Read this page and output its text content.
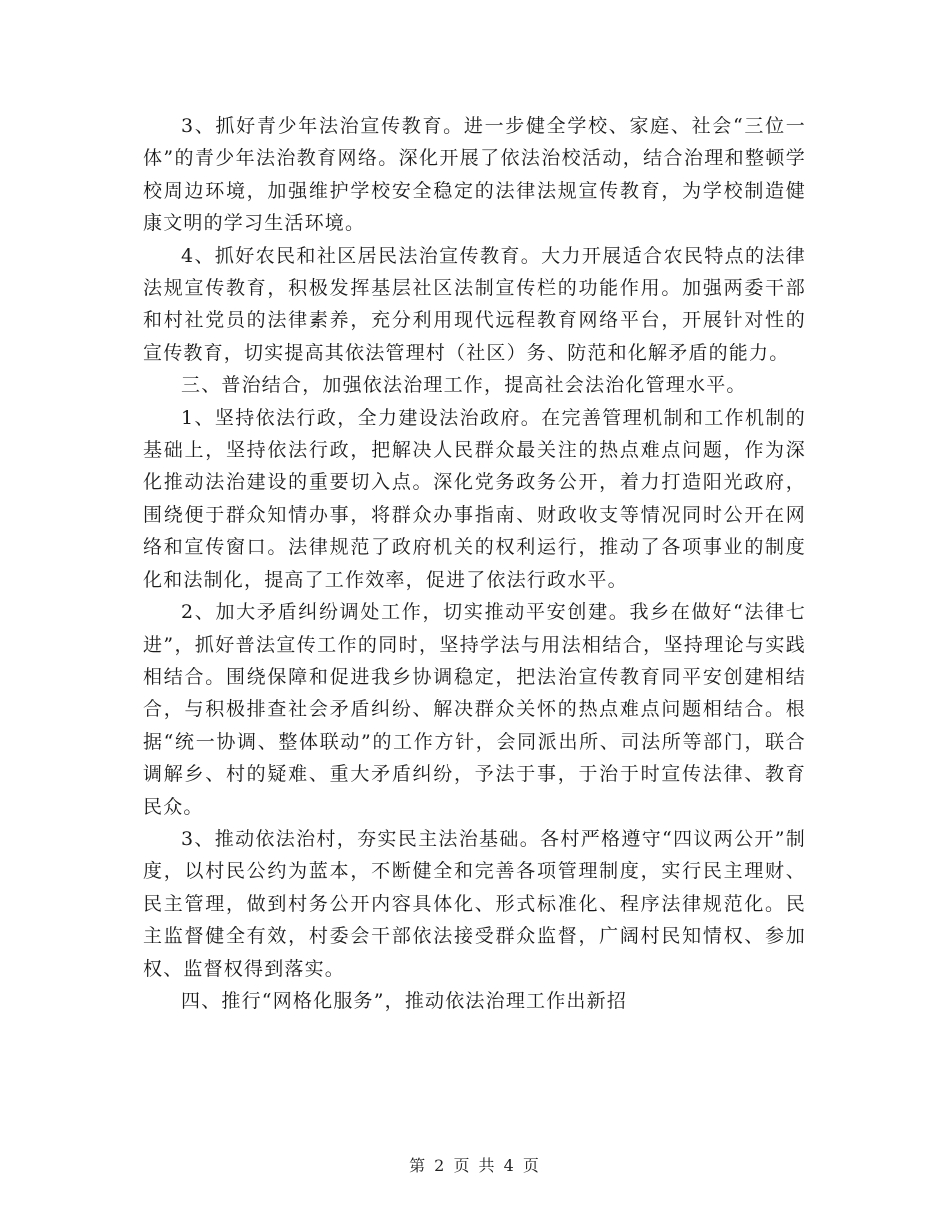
3、抓好青少年法治宣传教育。进一步健全学校、家庭、社会“三位一体”的青少年法治教育网络。深化开展了依法治校活动，结合治理和整顿学校周边环境，加强维护学校安全稳定的法律法规宣传教育，为学校制造健康文明的学习生活环境。

4、抓好农民和社区居民法治宣传教育。大力开展适合农民特点的法律法规宣传教育，积极发挥基层社区法制宣传栏的功能作用。加强两委干部和村社党员的法律素养，充分利用现代远程教育网络平台，开展针对性的宣传教育，切实提高其依法管理村（社区）务、防范和化解矛盾的能力。

三、普治结合，加强依法治理工作，提高社会法治化管理水平。

1、坚持依法行政，全力建设法治政府。在完善管理机制和工作机制的基础上，坚持依法行政，把解决人民群众最关注的热点难点问题，作为深化推动法治建设的重要切入点。深化党务政务公开，着力打造阳光政府，围绕便于群众知情办事，将群众办事指南、财政收支等情况同时公开在网络和宣传窗口。法律规范了政府机关的权利运行，推动了各项事业的制度化和法制化，提高了工作效率，促进了依法行政水平。

2、加大矛盾纠纷调处工作，切实推动平安创建。我乡在做好“法律七进”，抓好普法宣传工作的同时，坚持学法与用法相结合，坚持理论与实践相结合。围绕保障和促进我乡协调稳定，把法治宣传教育同平安创建相结合，与积极排查社会矛盾纠纷、解决群众关怀的热点难点问题相结合。根据“统一协调、整体联动”的工作方针，会同派出所、司法所等部门，联合调解乡、村的疑难、重大矛盾纠纷，予法于事，于治于时宣传法律、教育民众。

3、推动依法治村，夯实民主法治基础。各村严格遵守“四议两公开”制度，以村民公约为蓝本，不断健全和完善各项管理制度，实行民主理财、民主管理，做到村务公开内容具体化、形式标准化、程序法律规范化。民主监督健全有效，村委会干部依法接受群众监督，广阔村民知情权、参加权、监督权得到落实。

四、推行“网格化服务”，推动依法治理工作出新招

第 2 页 共 4 页
